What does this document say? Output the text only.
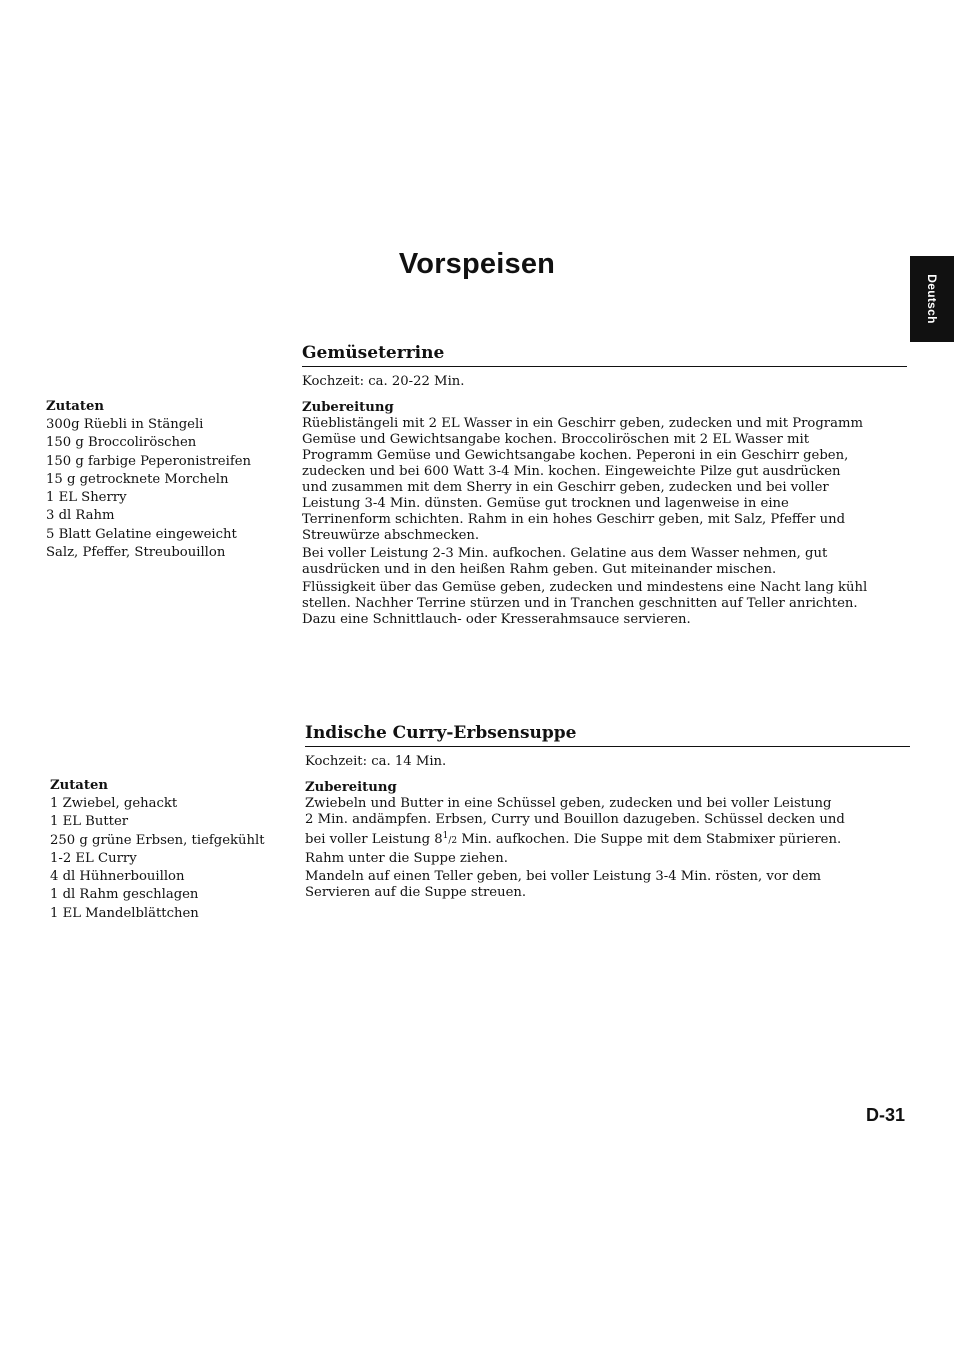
Vorspeisen
Deutsch
Gemüseterrine
Kochzeit: ca. 20-22 Min.
Zutaten
300g Rüebli in Stängeli
150 g Broccoliröschen
150 g farbige Peperonistreifen
15 g getrocknete Morcheln
1 EL Sherry
3 dl Rahm
5 Blatt Gelatine eingeweicht
Salz, Pfeffer, Streubouillon
Zubereitung
Rüeblistängeli mit 2 EL Wasser in ein Geschirr geben, zudecken und mit Programm
Gemüse und Gewichtsangabe kochen. Broccoliröschen mit 2 EL Wasser mit
Programm Gemüse und Gewichtsangabe kochen. Peperoni in ein Geschirr geben,
zudecken und bei 600 Watt 3-4 Min. kochen. Eingeweichte Pilze gut ausdrücken
und zusammen mit dem Sherry in ein Geschirr geben, zudecken und bei voller
Leistung 3-4 Min. dünsten. Gemüse gut trocknen und lagenweise in eine
Terrinenform schichten. Rahm in ein hohes Geschirr geben, mit Salz, Pfeffer und
Streuwürze abschmecken.
Bei voller Leistung 2-3 Min. aufkochen. Gelatine aus dem Wasser nehmen, gut
ausdrücken und in den heißen Rahm geben. Gut miteinander mischen.
Flüssigkeit über das Gemüse geben, zudecken und mindestens eine Nacht lang kühl
stellen. Nachher Terrine stürzen und in Tranchen geschnitten auf Teller anrichten.
Dazu eine Schnittlauch- oder Kresserahmsauce servieren.
Indische Curry-Erbsensuppe
Kochzeit: ca. 14 Min.
Zutaten
1 Zwiebel, gehackt
1 EL Butter
250 g grüne Erbsen, tiefgekühlt
1-2 EL Curry
4 dl Hühnerbouillon
1 dl Rahm geschlagen
1 EL Mandelblättchen
Zubereitung
Zwiebeln und Butter in eine Schüssel geben, zudecken und bei voller Leistung
2 Min. andämpfen. Erbsen, Curry und Bouillon dazugeben. Schüssel decken und
bei voller Leistung $8^1/2$ Min. aufkochen. Die Suppe mit dem Stabmixer pürieren.
Rahm unter die Suppe ziehen.
Mandeln auf einen Teller geben, bei voller Leistung 3-4 Min. rösten, vor dem
Servieren auf die Suppe streuen.
D-31
